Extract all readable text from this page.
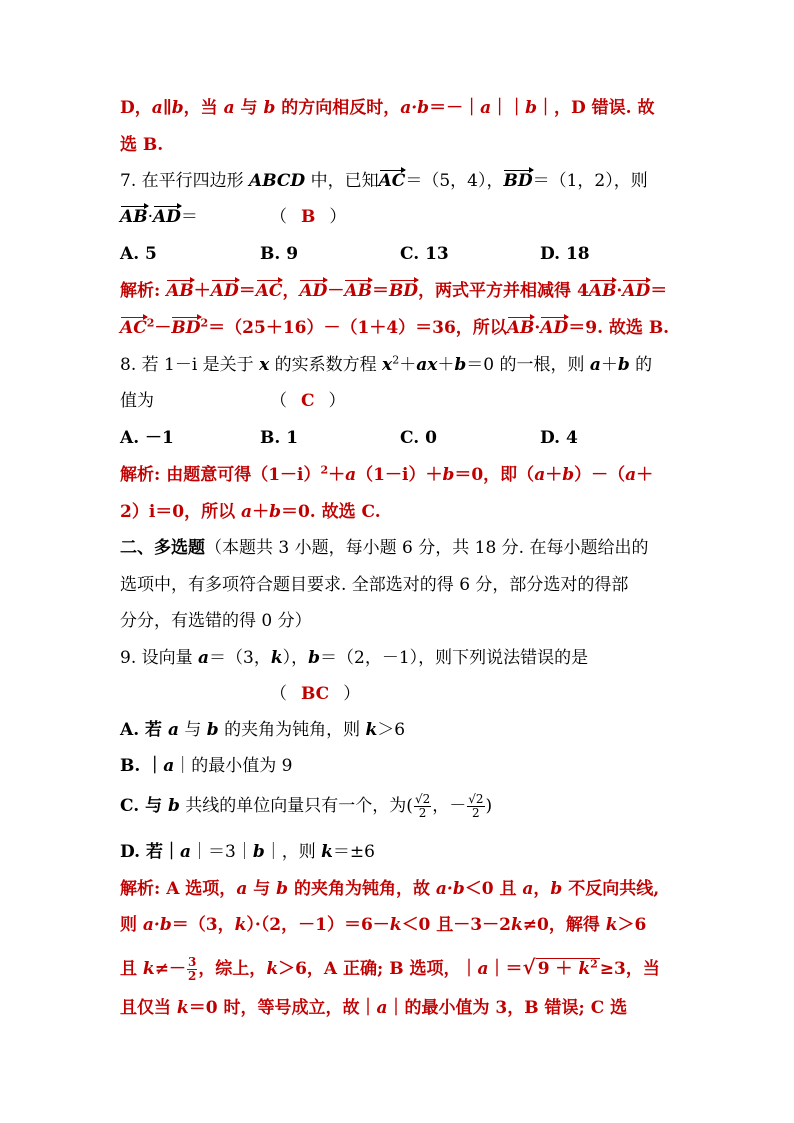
D，a∥b，当 a 与 b 的方向相反时，a·b＝－｜a｜｜b｜，D 错误. 故
选 B.
7. 在平行四边形 ABCD 中，已知AC＝（5，4），BD＝（1，2），则
AB·AD＝	（ B ）
A. 5	B. 9	C. 13	D. 18
解析: AB＋AD＝AC，AD－AB＝BD，两式平方并相减得 4AB·AD＝
$AC^2-BD^2=(25+16)-(1+4)=36$，所以AB·AD＝9. 故选 B.
8. 若 1－i 是关于 x 的实系数方程 $x^2+ax+b=0$ 的一根，则 a＋b 的
值为	（ C ）
A. －1	B. 1	C. 0	D. 4
解析: 由题意可得$(1-i)^2+a(1-i)+b=0$，即（a＋b）－（a＋
2）i＝0，所以 a＋b＝0. 故选 C.
二、多选题（本题共 3 小题，每小题 6 分，共 18 分. 在每小题给出的
选项中，有多项符合题目要求. 全部选对的得 6 分，部分选对的得部
分分，有选错的得 0 分）
9. 设向量 a＝（3，k），b＝（2，－1），则下列说法错误的是
（ BC ）
A. 若 a 与 b 的夹角为钝角，则 k＞6
B. ｜a｜的最小值为 9
C. 与 b 共线的单位向量只有一个，为( $\frac{√2}{2}$ ，－ $\frac{√2}{2}$ )
D. 若｜a｜＝3｜b｜，则 k＝±6
解析: A 选项，a 与 b 的夹角为钝角，故 a·b＜0 且 a，b 不反向共线,
则 a·b＝（3，k）·（2，－1）＝6－k＜0 且－3－2k≠0，解得 k＞6
且 $k\ne- \frac{3}{2}$ ，综上，k＞6，A 正确; B 选项，｜a｜＝√ $9 + k^2 \ge 3$，当
且仅当 k＝0 时，等号成立，故｜a｜的最小值为 3，B 错误; C 选
